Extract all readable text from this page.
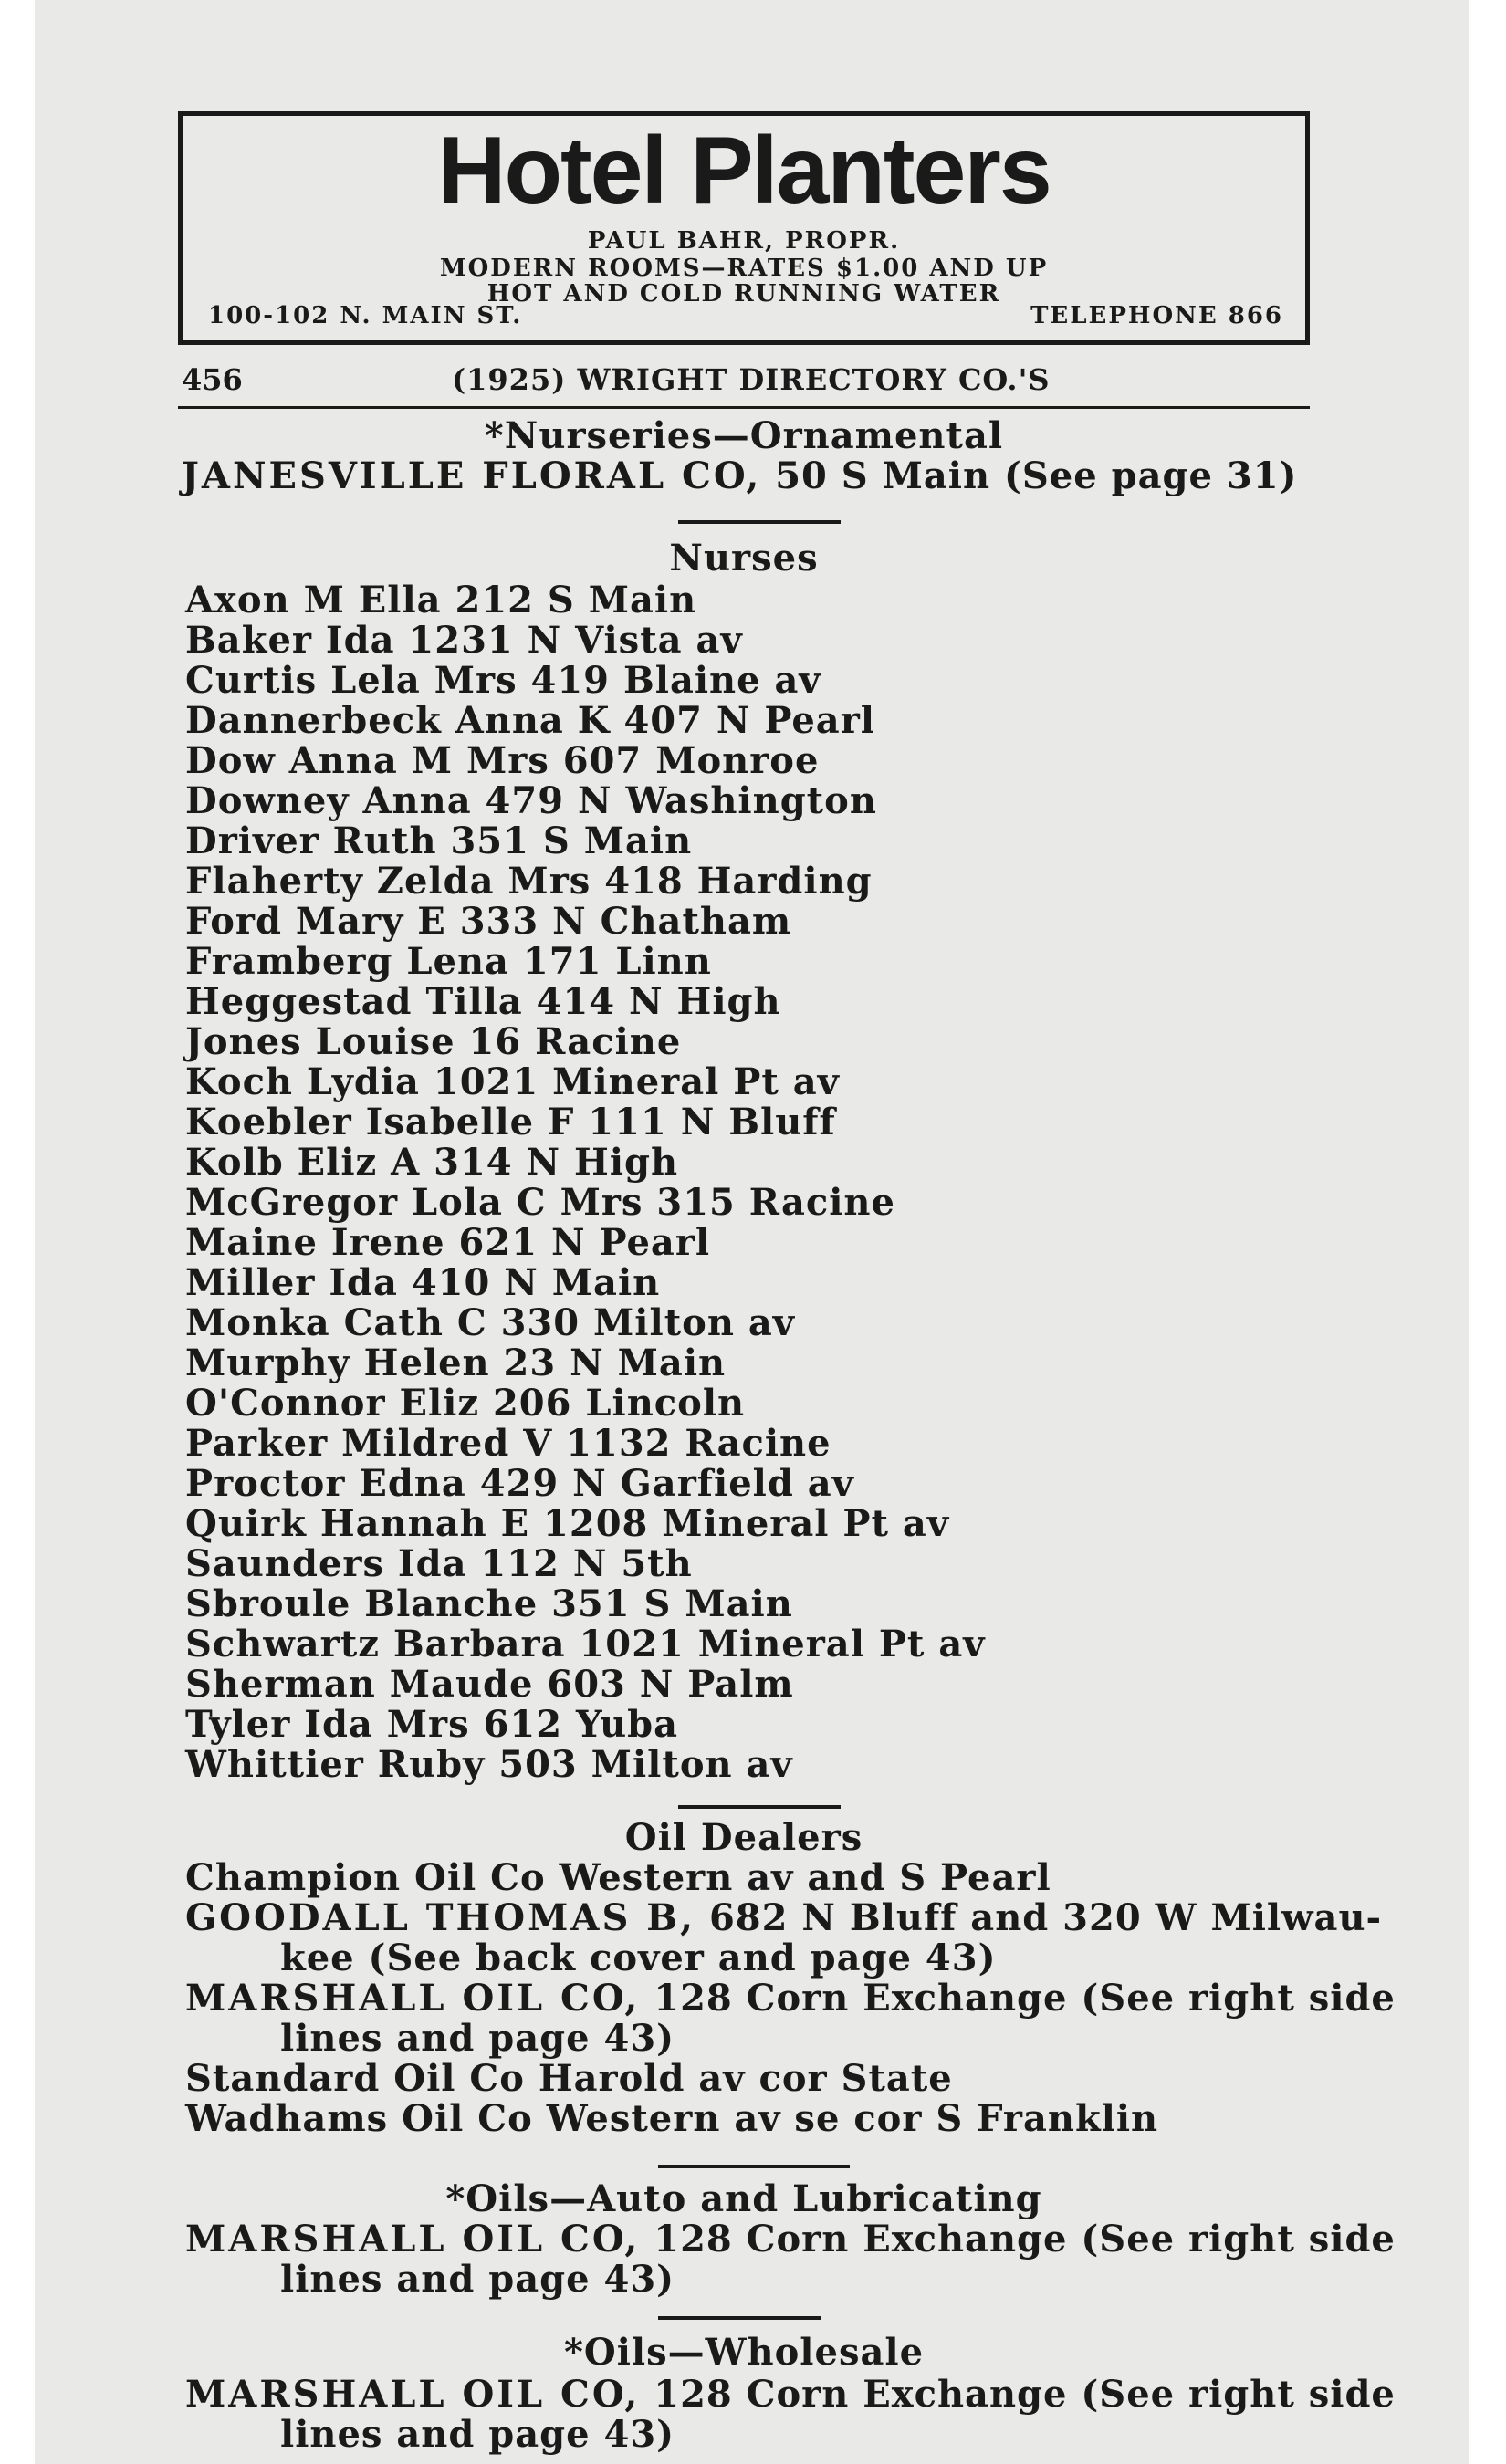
Hotel Planters
PAUL BAHR, PROPR.
MODERN ROOMS—RATES $1.00 AND UP
HOT AND COLD RUNNING WATER
100-102 N. MAIN ST.	TELEPHONE 866
456	(1925) WRIGHT DIRECTORY CO.'S
*Nurseries—Ornamental
JANESVILLE FLORAL CO, 50 S Main (See page 31)
Nurses
Axon M Ella 212 S Main
Baker Ida 1231 N Vista av
Curtis Lela Mrs 419 Blaine av
Dannerbeck Anna K 407 N Pearl
Dow Anna M Mrs 607 Monroe
Downey Anna 479 N Washington
Driver Ruth 351 S Main
Flaherty Zelda Mrs 418 Harding
Ford Mary E 333 N Chatham
Framberg Lena 171 Linn
Heggestad Tilla 414 N High
Jones Louise 16 Racine
Koch Lydia 1021 Mineral Pt av
Koebler Isabelle F 111 N Bluff
Kolb Eliz A 314 N High
McGregor Lola C Mrs 315 Racine
Maine Irene 621 N Pearl
Miller Ida 410 N Main
Monka Cath C 330 Milton av
Murphy Helen 23 N Main
O'Connor Eliz 206 Lincoln
Parker Mildred V 1132 Racine
Proctor Edna 429 N Garfield av
Quirk Hannah E 1208 Mineral Pt av
Saunders Ida 112 N 5th
Sbroule Blanche 351 S Main
Schwartz Barbara 1021 Mineral Pt av
Sherman Maude 603 N Palm
Tyler Ida Mrs 612 Yuba
Whittier Ruby 503 Milton av
Oil Dealers
Champion Oil Co Western av and S Pearl
GOODALL THOMAS B, 682 N Bluff and 320 W Milwau-
kee (See back cover and page 43)
MARSHALL OIL CO, 128 Corn Exchange (See right side
lines and page 43)
Standard Oil Co Harold av cor State
Wadhams Oil Co Western av se cor S Franklin
*Oils—Auto and Lubricating
MARSHALL OIL CO, 128 Corn Exchange (See right side
lines and page 43)
*Oils—Wholesale
MARSHALL OIL CO, 128 Corn Exchange (See right side
lines and page 43)
